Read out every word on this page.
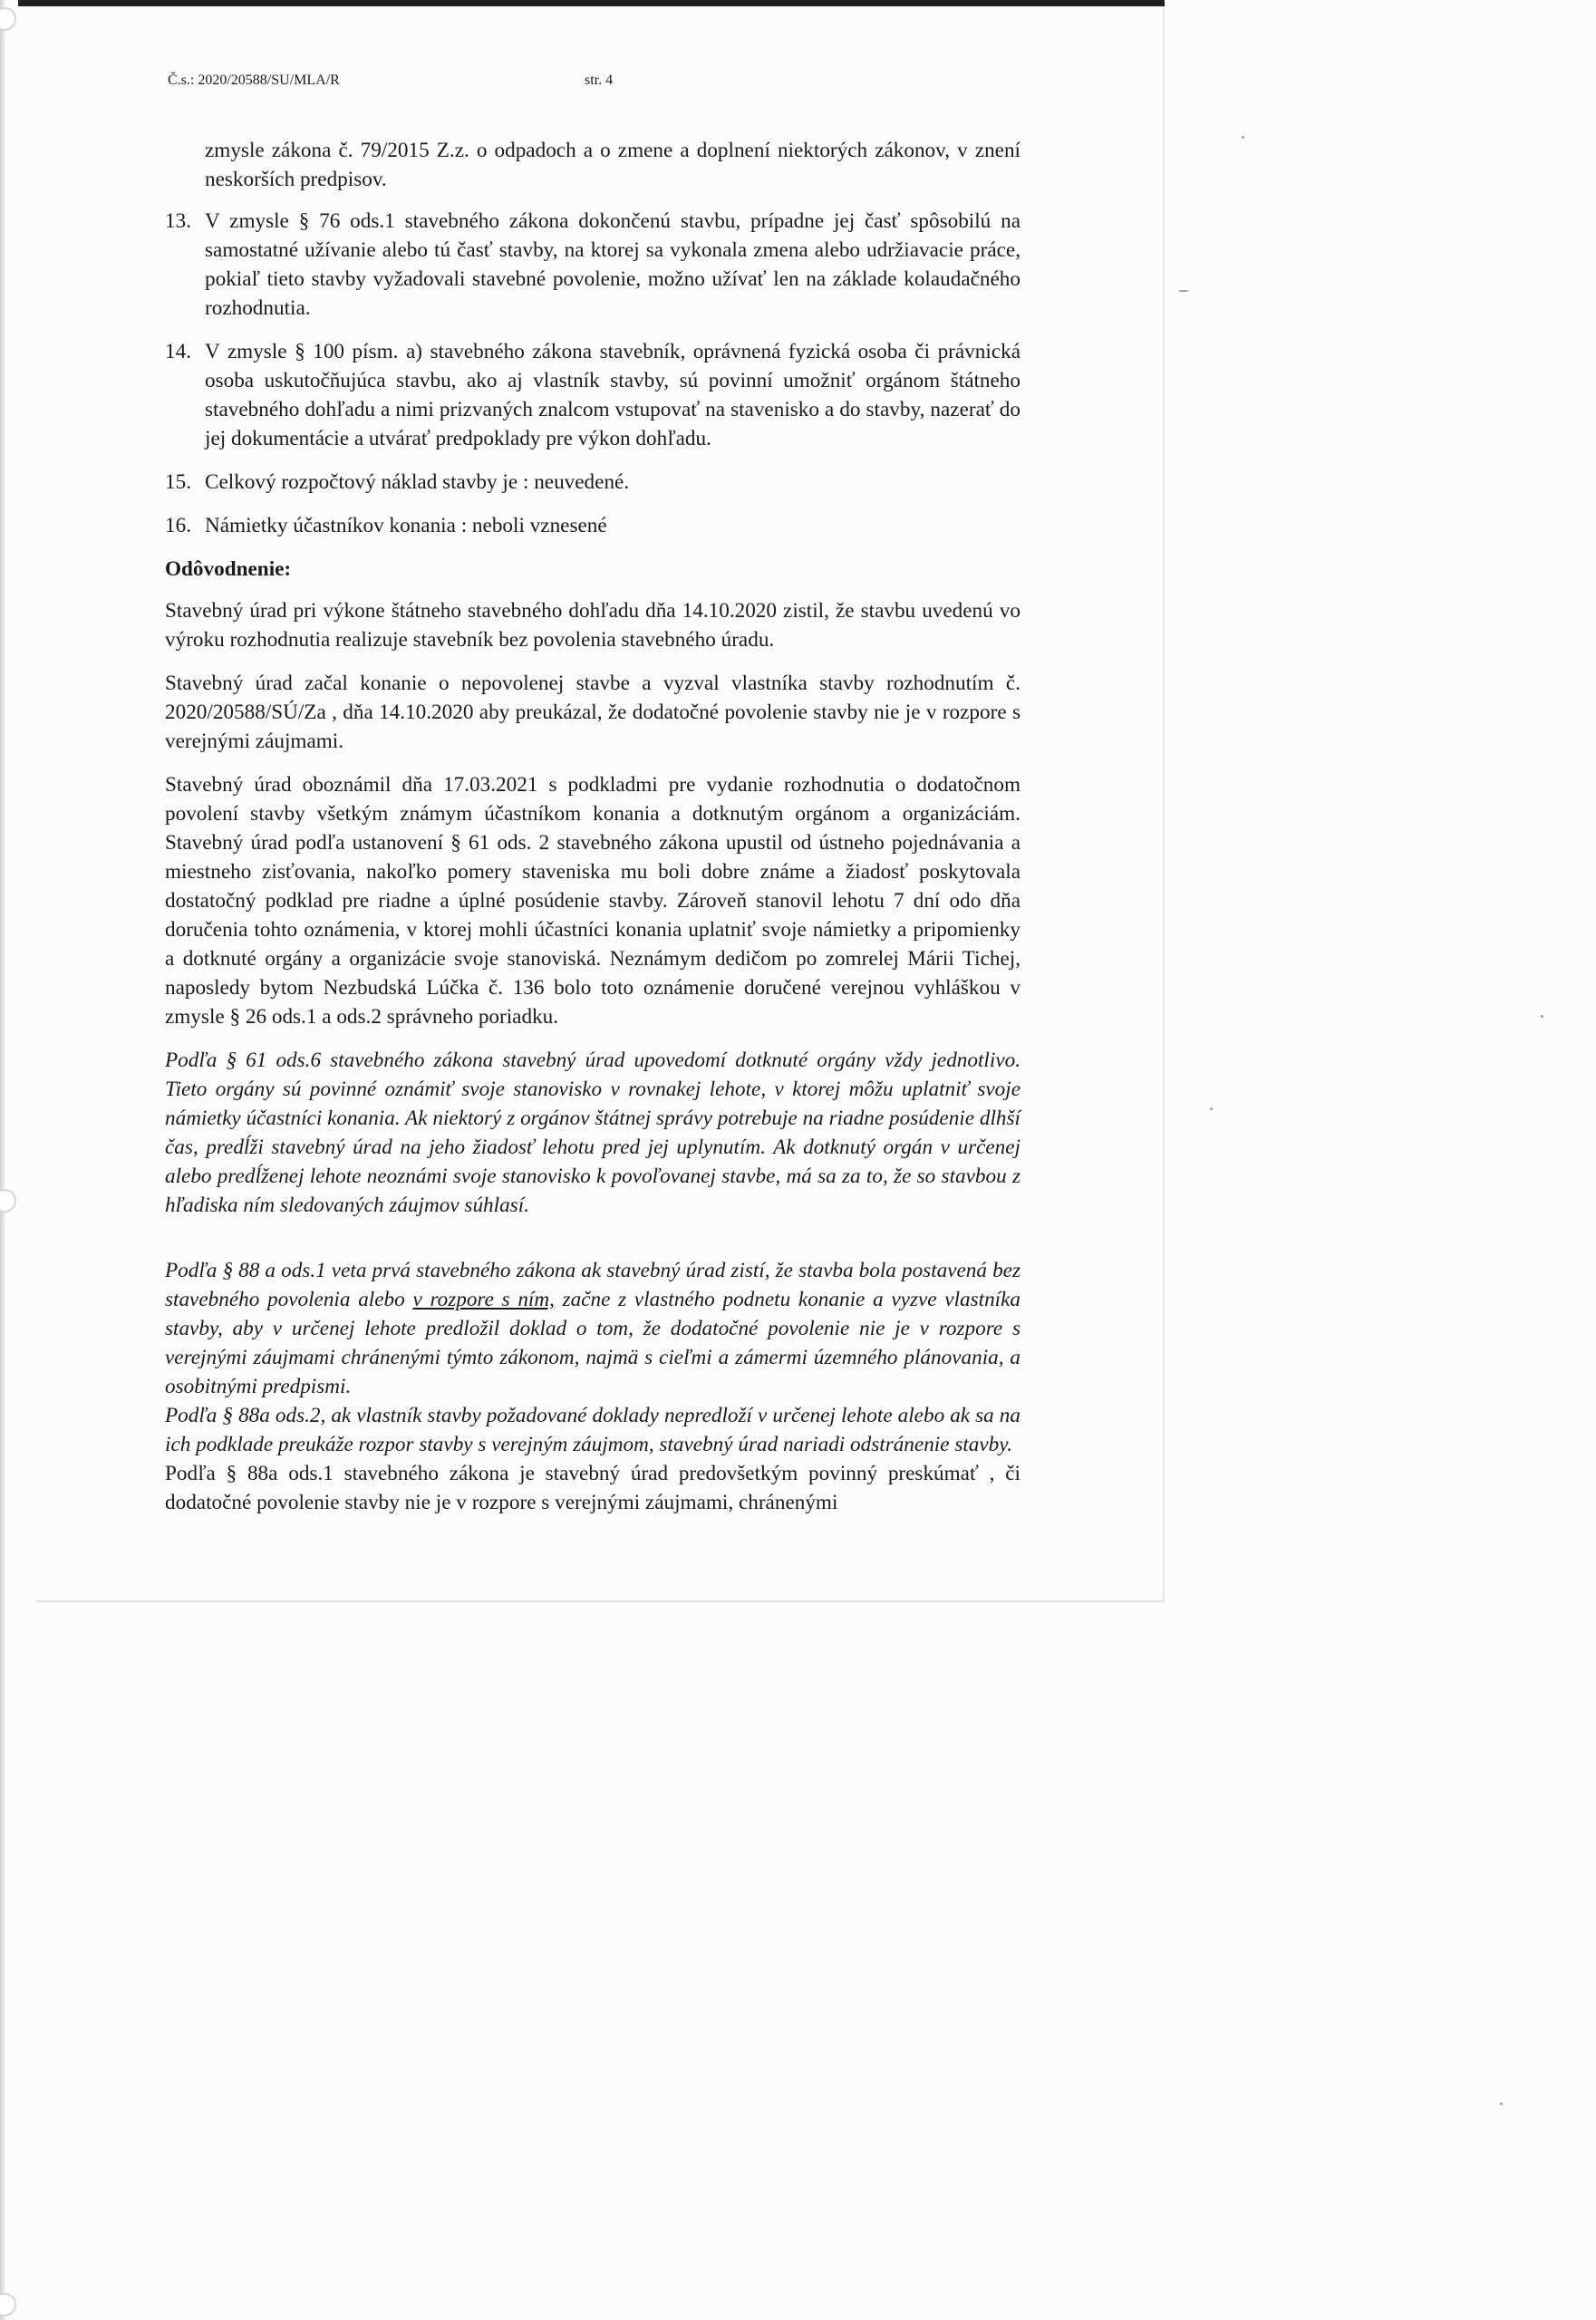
Č.s.: 2020/20588/SU/MLA/R	str. 4

zmysle zákona č. 79/2015 Z.z. o odpadoch a o zmene a doplnení niektorých zákonov, v znení neskorších predpisov.

13. V zmysle § 76 ods.1 stavebného zákona dokončenú stavbu, prípadne jej časť spôsobilú na samostatné užívanie alebo tú časť stavby, na ktorej sa vykonala zmena alebo udržiavacie práce, pokiaľ tieto stavby vyžadovali stavebné povolenie, možno užívať len na základe kolaudačného rozhodnutia.
14. V zmysle § 100 písm. a) stavebného zákona stavebník, oprávnená fyzická osoba či právnická osoba uskutočňujúca stavbu, ako aj vlastník stavby, sú povinní umožniť orgánom štátneho stavebného dohľadu a nimi prizvaných znalcom vstupovať na stavenisko a do stavby, nazerať do jej dokumentácie a utvárať predpoklady pre výkon dohľadu.
15. Celkový rozpočtový náklad stavby je : neuvedené.
16. Námietky účastníkov konania : neboli vznesené

Odôvodnenie:

Stavebný úrad pri výkone štátneho stavebného dohľadu dňa 14.10.2020 zistil, že stavbu uvedenú vo výroku rozhodnutia realizuje stavebník bez povolenia stavebného úradu.

Stavebný úrad začal konanie o nepovolenej stavbe a vyzval vlastníka stavby rozhodnutím č. 2020/20588/SÚ/Za , dňa 14.10.2020 aby preukázal, že dodatočné povolenie stavby nie je v rozpore s verejnými záujmami.

Stavebný úrad oboznámil dňa 17.03.2021 s podkladmi pre vydanie rozhodnutia o dodatočnom povolení stavby všetkým známym účastníkom konania a dotknutým orgánom a organizáciám. Stavebný úrad podľa ustanovení § 61 ods. 2 stavebného zákona upustil od ústneho pojednávania a miestneho zisťovania, nakoľko pomery staveniska mu boli dobre známe a žiadosť poskytovala dostatočný podklad pre riadne a úplné posúdenie stavby. Zároveň stanovil lehotu 7 dní odo dňa doručenia tohto oznámenia, v ktorej mohli účastníci konania uplatniť svoje námietky a pripomienky a dotknuté orgány a organizácie svoje stanoviská. Neznámym dedičom po zomrelej Márii Tichej, naposledy bytom Nezbudská Lúčka č. 136 bolo toto oznámenie doručené verejnou vyhláškou v zmysle § 26 ods.1 a ods.2 správneho poriadku.

Podľa § 61 ods.6 stavebného zákona stavebný úrad upovedomí dotknuté orgány vždy jednotlivo. Tieto orgány sú povinné oznámiť svoje stanovisko v rovnakej lehote, v ktorej môžu uplatniť svoje námietky účastníci konania. Ak niektorý z orgánov štátnej správy potrebuje na riadne posúdenie dlhší čas, predĺži stavebný úrad na jeho žiadosť lehotu pred jej uplynutím. Ak dotknutý orgán v určenej alebo predĺženej lehote neoznámi svoje stanovisko k povoľovanej stavbe, má sa za to, že so stavbou z hľadiska ním sledovaných záujmov súhlasí.

Podľa § 88 a ods.1 veta prvá stavebného zákona ak stavebný úrad zistí, že stavba bola postavená bez stavebného povolenia alebo v rozpore s ním, začne z vlastného podnetu konanie a vyzve vlastníka stavby, aby v určenej lehote predložil doklad o tom, že dodatočné povolenie nie je v rozpore s verejnými záujmami chránenými týmto zákonom, najmä s cieľmi a zámermi územného plánovania, a osobitnými predpismi.

Podľa § 88a ods.2, ak vlastník stavby požadované doklady nepredloží v určenej lehote alebo ak sa na ich podklade preukáže rozpor stavby s verejným záujmom, stavebný úrad nariadi odstránenie stavby.

Podľa § 88a ods.1 stavebného zákona je stavebný úrad predovšetkým povinný preskúmať , či dodatočné povolenie stavby nie je v rozpore s verejnými záujmami, chránenými
